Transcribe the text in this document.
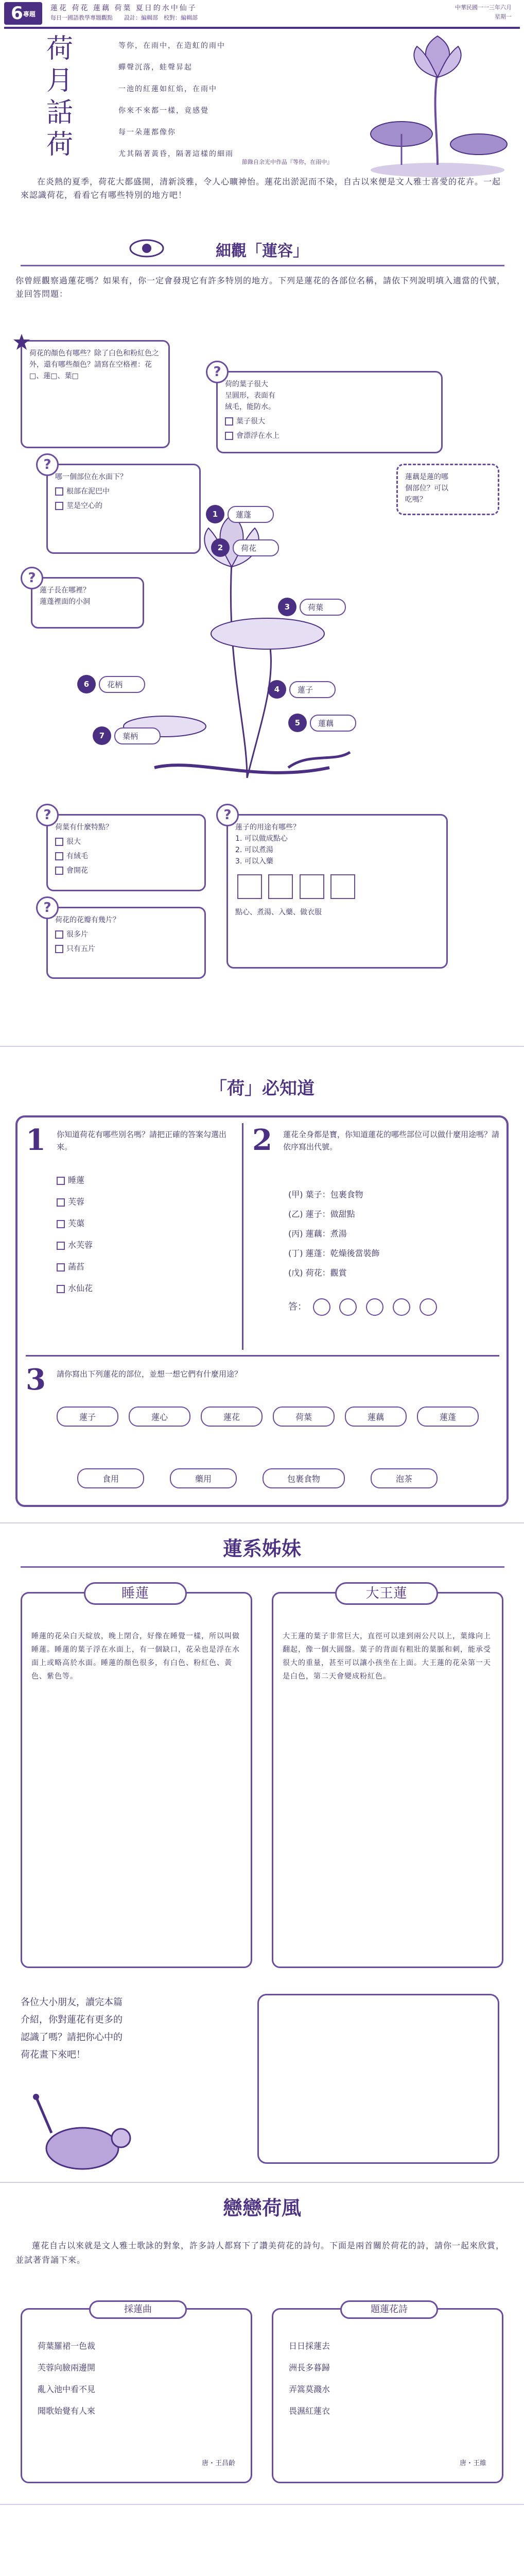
6專題
蓮花 荷花 蓮藕 荷葉 夏日的水中仙子
每日一國語教學專題觀點　　設計：編輯部　校對：編輯部
中華民國一一三年六月
星期一
荷月話荷
等你，在雨中，在造虹的雨中
蟬聲沉落，蛙聲昇起
一池的紅蓮如紅焰，在雨中
你來不來都一樣，竟感覺
每一朵蓮都像你
尤其隔著黃昏，隔著這樣的細雨
節錄自余光中作品『等你，在雨中』
在炎熱的夏季，荷花大都盛開，清新淡雅，令人心曠神怡。蓮花出淤泥而不染，自古以來便是文人雅士喜愛的花卉。一起來認識荷花，看看它有哪些特別的地方吧！
細觀「蓮容」
你曾經觀察過蓮花嗎？如果有，你一定會發現它有許多特別的地方。下列是蓮花的各部位名稱，請依下列說明填入適當的代號，並回答問題：
荷花的顏色有哪些？除了白色和粉紅色之外，還有哪些顏色？請寫在空格裡：花□、蓮□、葉□
荷的葉子很大
呈圓形，表面有
絨毛，能防水。
葉子很大
會漂浮在水上
?
哪一個部位在水面下？
根部在泥巴中
莖是空心的
?
蓮藕是蓮的哪
個部位？可以
吃嗎？
蓮子長在哪裡？
蓮蓬裡面的小洞
?
1	蓮蓬
2	荷花
3	荷葉
4	蓮子
5	蓮藕
6	花柄
7	葉柄
荷葉有什麼特點？
很大
有絨毛
會開花
?
荷花的花瓣有幾片？
很多片
只有五片
?
蓮子的用途有哪些？
1. 可以做成點心
2. 可以煮湯
3. 可以入藥

點心、煮湯、入藥、做衣服
?
「荷」必知道
1 你知道荷花有哪些別名嗎？請把正確的答案勾選出來。
睡蓮
芙蓉
芙蕖
水芙蓉
菡萏
水仙花
2 蓮花全身都是寶，你知道蓮花的哪些部位可以做什麼用途嗎？請依序寫出代號。
(甲) 葉子：包裹食物
(乙) 蓮子：做甜點
(丙) 蓮藕：煮湯
(丁) 蓮蓬：乾燥後當裝飾
(戊) 荷花：觀賞
答：
3 請你寫出下列蓮花的部位，並想一想它們有什麼用途？
蓮子	蓮心	蓮花	荷葉	蓮藕	蓮蓬
食用	藥用	包裹食物	泡茶
蓮系姊妹
睡蓮
睡蓮的花朵白天綻放，晚上閉合，好像在睡覺一樣，所以叫做睡蓮。睡蓮的葉子浮在水面上，有一個缺口，花朵也是浮在水面上或略高於水面。睡蓮的顏色很多，有白色、粉紅色、黃色、紫色等。
大王蓮
大王蓮的葉子非常巨大，直徑可以達到兩公尺以上，葉緣向上翻起，像一個大圓盤。葉子的背面有粗壯的葉脈和刺，能承受很大的重量，甚至可以讓小孩坐在上面。大王蓮的花朵第一天是白色，第二天會變成粉紅色。
各位大小朋友，讀完本篇介紹，你對蓮花有更多的認識了嗎？請把你心中的荷花畫下來吧！
戀戀荷風
蓮花自古以來就是文人雅士歌詠的對象，許多詩人都寫下了讚美荷花的詩句。下面是兩首關於荷花的詩，請你一起來欣賞，並試著背誦下來。
採蓮曲
荷葉羅裙一色裁
芙蓉向臉兩邊開
亂入池中看不見
聞歌始覺有人來
唐・王昌齡
題蓮花詩
日日採蓮去
洲長多暮歸
弄篙莫濺水
畏濕紅蓮衣
唐・王維
